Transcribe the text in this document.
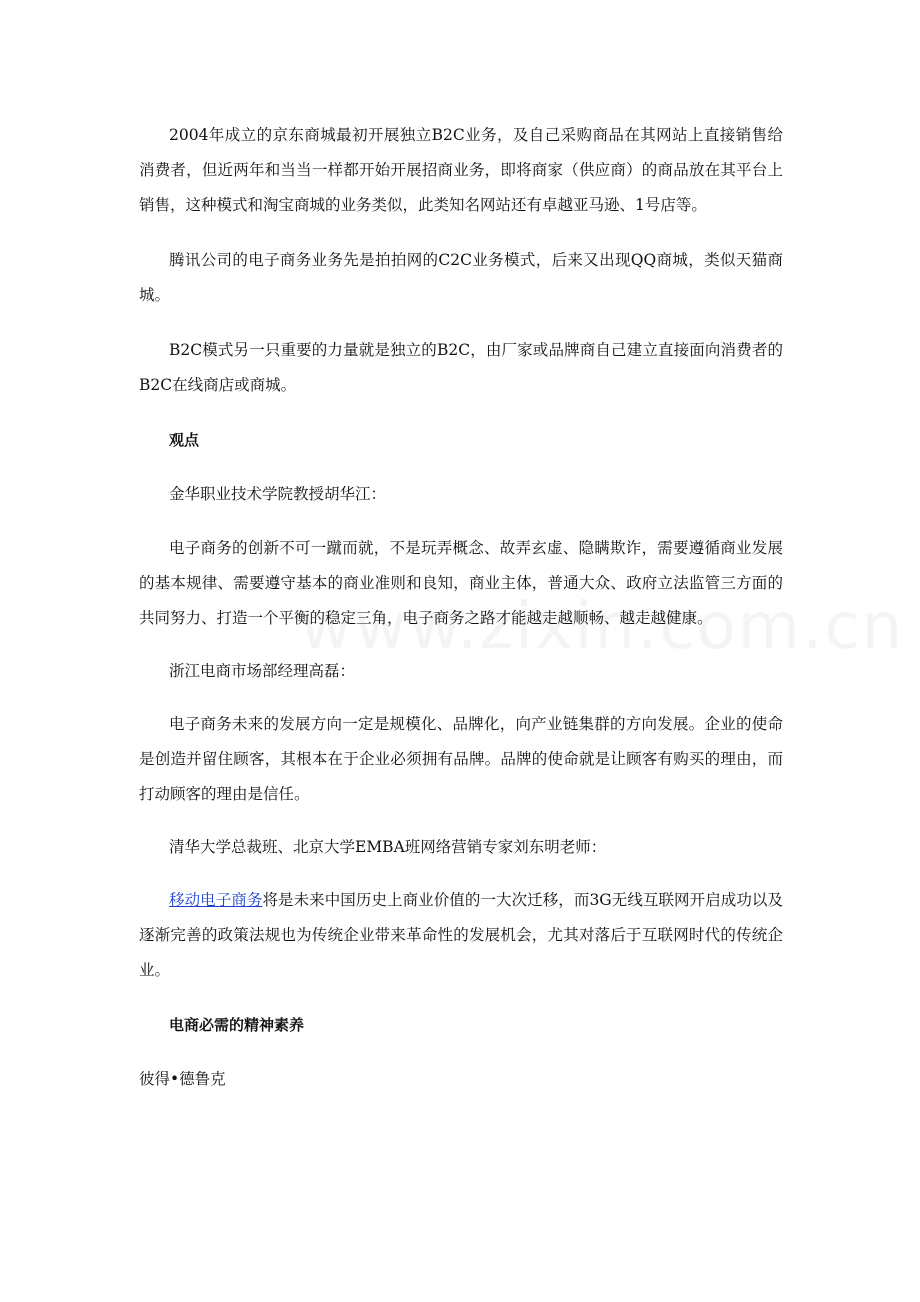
2004年成立的京东商城最初开展独立B2C业务，及自己采购商品在其网站上直接销售给消费者，但近两年和当当一样都开始开展招商业务，即将商家（供应商）的商品放在其平台上销售，这种模式和淘宝商城的业务类似，此类知名网站还有卓越亚马逊、1号店等。

腾讯公司的电子商务业务先是拍拍网的C2C业务模式，后来又出现QQ商城，类似天猫商城。

B2C模式另一只重要的力量就是独立的B2C，由厂家或品牌商自己建立直接面向消费者的B2C在线商店或商城。

观点

金华职业技术学院教授胡华江：

电子商务的创新不可一蹴而就，不是玩弄概念、故弄玄虚、隐瞒欺诈，需要遵循商业发展的基本规律、需要遵守基本的商业准则和良知，商业主体，普通大众、政府立法监管三方面的共同努力、打造一个平衡的稳定三角，电子商务之路才能越走越顺畅、越走越健康。

浙江电商市场部经理高磊：

电子商务未来的发展方向一定是规模化、品牌化，向产业链集群的方向发展。企业的使命是创造并留住顾客，其根本在于企业必须拥有品牌。品牌的使命就是让顾客有购买的理由，而打动顾客的理由是信任。

清华大学总裁班、北京大学EMBA班网络营销专家刘东明老师：

移动电子商务将是未来中国历史上商业价值的一大次迁移，而3G无线互联网开启成功以及逐渐完善的政策法规也为传统企业带来革命性的发展机会，尤其对落后于互联网时代的传统企业。

电商必需的精神素养

彼得•德鲁克
